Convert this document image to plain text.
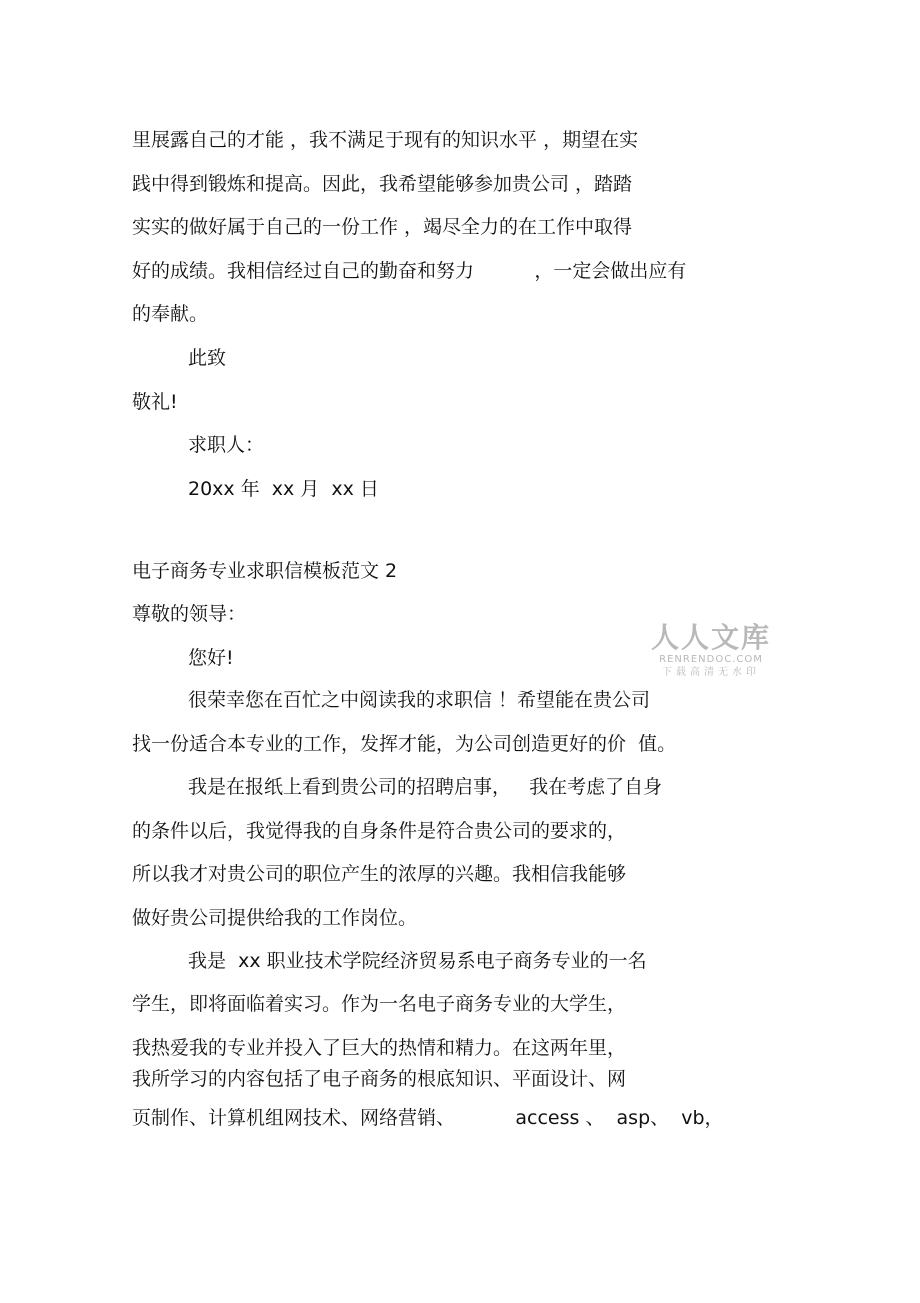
里展露自己的才能 ，我不满足于现有的知识水平 ，期望在实
践中得到锻炼和提高。因此，我希望能够参加贵公司 ，踏踏
实实的做好属于自己的一份工作 ，竭尽全力的在工作中取得
好的成绩。我相信经过自己的勤奋和努力          ，一定会做出应有
的奉献。
此致
敬礼!
求职人：
20xx 年  xx 月  xx 日
电子商务专业求职信模板范文 2
尊敬的领导：
您好!
很荣幸您在百忙之中阅读我的求职信 ！希望能在贵公司
找一份适合本专业的工作，发挥才能，为公司创造更好的价  值。
我是在报纸上看到贵公司的招聘启事，   我在考虑了自身
的条件以后，我觉得我的自身条件是符合贵公司的要求的，
所以我才对贵公司的职位产生的浓厚的兴趣。我相信我能够
做好贵公司提供给我的工作岗位。
我是  xx 职业技术学院经济贸易系电子商务专业的一名
学生，即将面临着实习。作为一名电子商务专业的大学生，
我热爱我的专业并投入了巨大的热情和精力。在这两年里，
我所学习的内容包括了电子商务的根底知识、平面设计、网
页制作、计算机组网技术、网络营销、          access 、  asp、  vb，
人人文库
RENRENDOC.COM
下载高清无水印
